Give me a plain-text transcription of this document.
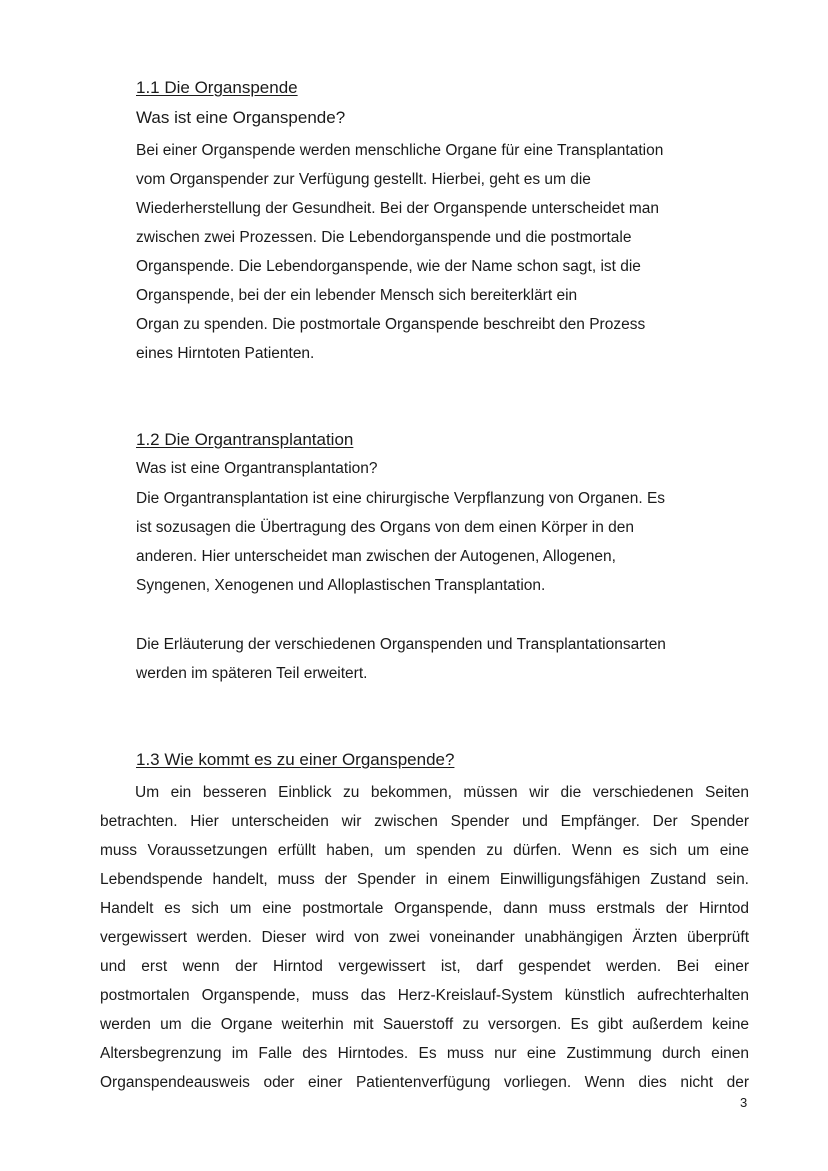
1.1 Die Organspende
Was ist eine Organspende?
Bei einer Organspende werden menschliche Organe für eine Transplantation
vom Organspender zur Verfügung gestellt. Hierbei, geht es um die
Wiederherstellung der Gesundheit. Bei der Organspende unterscheidet man
zwischen zwei Prozessen. Die Lebendorganspende und die postmortale
Organspende. Die Lebendorganspende, wie der Name schon sagt, ist die
Organspende, bei der ein lebender Mensch sich bereiterklärt ein
Organ zu spenden. Die postmortale Organspende beschreibt den Prozess
eines Hirntoten Patienten.
1.2 Die Organtransplantation
Was ist eine Organtransplantation?
Die Organtransplantation ist eine chirurgische Verpflanzung von Organen. Es
ist sozusagen die Übertragung des Organs von dem einen Körper in den
anderen. Hier unterscheidet man zwischen der Autogenen, Allogenen,
Syngenen, Xenogenen und Alloplastischen Transplantation.
Die Erläuterung der verschiedenen Organspenden und Transplantationsarten
werden im späteren Teil erweitert.
1.3 Wie kommt es zu einer Organspende?
Um ein besseren Einblick zu bekommen, müssen wir die verschiedenen Seiten
betrachten. Hier unterscheiden wir zwischen Spender und Empfänger. Der Spender
muss Voraussetzungen erfüllt haben, um spenden zu dürfen. Wenn es sich um eine
Lebendspende handelt, muss der Spender in einem Einwilligungsfähigen Zustand sein.
Handelt es sich um eine postmortale Organspende, dann muss erstmals der Hirntod
vergewissert werden. Dieser wird von zwei voneinander unabhängigen Ärzten überprüft
und erst wenn der Hirntod vergewissert ist, darf gespendet werden. Bei einer
postmortalen Organspende, muss das Herz-Kreislauf-System künstlich aufrechterhalten
werden um die Organe weiterhin mit Sauerstoff zu versorgen. Es gibt außerdem keine
Altersbegrenzung im Falle des Hirntodes. Es muss nur eine Zustimmung durch einen
Organspendeausweis oder einer Patientenverfügung vorliegen. Wenn dies nicht der
3
